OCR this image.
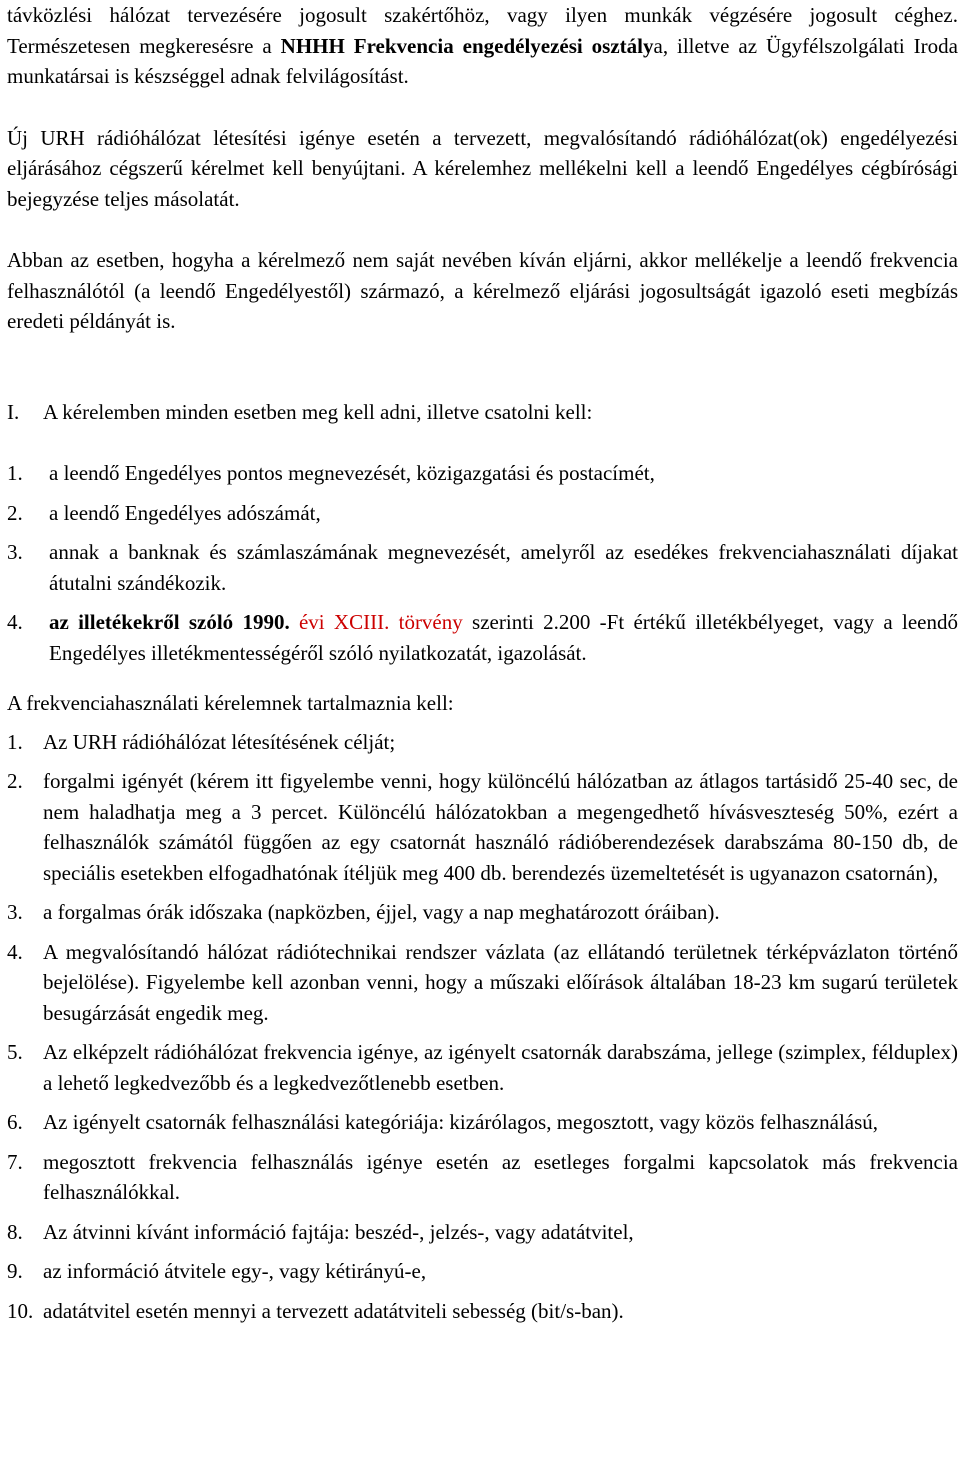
távközlési hálózat tervezésére jogosult szakértőhöz, vagy ilyen munkák végzésére jogosult céghez. Természetesen megkeresésre a NHHH Frekvencia engedélyezési osztálya, illetve az Ügyfélszolgálati Iroda munkatársai is készséggel adnak felvilágosítást.

Új URH rádióhálózat létesítési igénye esetén a tervezett, megvalósítandó rádióhálózat(ok) engedélyezési eljárásához cégszerű kérelmet kell benyújtani. A kérelemhez mellékelni kell a leendő Engedélyes cégbírósági bejegyzése teljes másolatát.

Abban az esetben, hogyha a kérelmező nem saját nevében kíván eljárni, akkor mellékelje a leendő frekvencia felhasználótól (a leendő Engedélyestől) származó, a kérelmező eljárási jogosultságát igazoló eseti megbízás eredeti példányát is.

I. A kérelemben minden esetben meg kell adni, illetve csatolni kell:
1.	a leendő Engedélyes pontos megnevezését, közigazgatási és postacímét,
2.	a leendő Engedélyes adószámát,
3.	annak a banknak és számlaszámának megnevezését, amelyről az esedékes frekvenciahasználati díjakat átutalni szándékozik.
4.	az illetékekről szóló 1990. évi XCIII. törvény szerinti 2.200 -Ft értékű illetékbélyeget, vagy a leendő Engedélyes illetékmentességéről szóló nyilatkozatát, igazolását.

A frekvenciahasználati kérelemnek tartalmaznia kell:

1. Az URH rádióhálózat létesítésének célját;
2. forgalmi igényét (kérem itt figyelembe venni, hogy különcélú hálózatban az átlagos tartásidő 25-40 sec, de nem haladhatja meg a 3 percet. Különcélú hálózatokban a megengedhető hívásveszteség 50%, ezért a felhasználók számától függően az egy csatornát használó rádióberendezések darabszáma 80-150 db, de speciális esetekben elfogadhatónak ítéljük meg 400 db. berendezés üzemeltetését is ugyanazon csatornán),
3. a forgalmas órák időszaka (napközben, éjjel, vagy a nap meghatározott óráiban).
4. A megvalósítandó hálózat rádiótechnikai rendszer vázlata (az ellátandó területnek térképvázlaton történő bejelölése). Figyelembe kell azonban venni, hogy a műszaki előírások általában 18-23 km sugarú területek besugárzását engedik meg.
5. Az elképzelt rádióhálózat frekvencia igénye, az igényelt csatornák darabszáma, jellege (szimplex, félduplex) a lehető legkedvezőbb és a legkedvezőtlenebb esetben.
6. Az igényelt csatornák felhasználási kategóriája: kizárólagos, megosztott, vagy közös felhasználású,
7. megosztott frekvencia felhasználás igénye esetén az esetleges forgalmi kapcsolatok más frekvencia felhasználókkal.
8. Az átvinni kívánt információ fajtája: beszéd-, jelzés-, vagy adatátvitel,
9. az információ átvitele egy-, vagy kétirányú-e,
10. adatátvitel esetén mennyi a tervezett adatátviteli sebesség (bit/s-ban).
